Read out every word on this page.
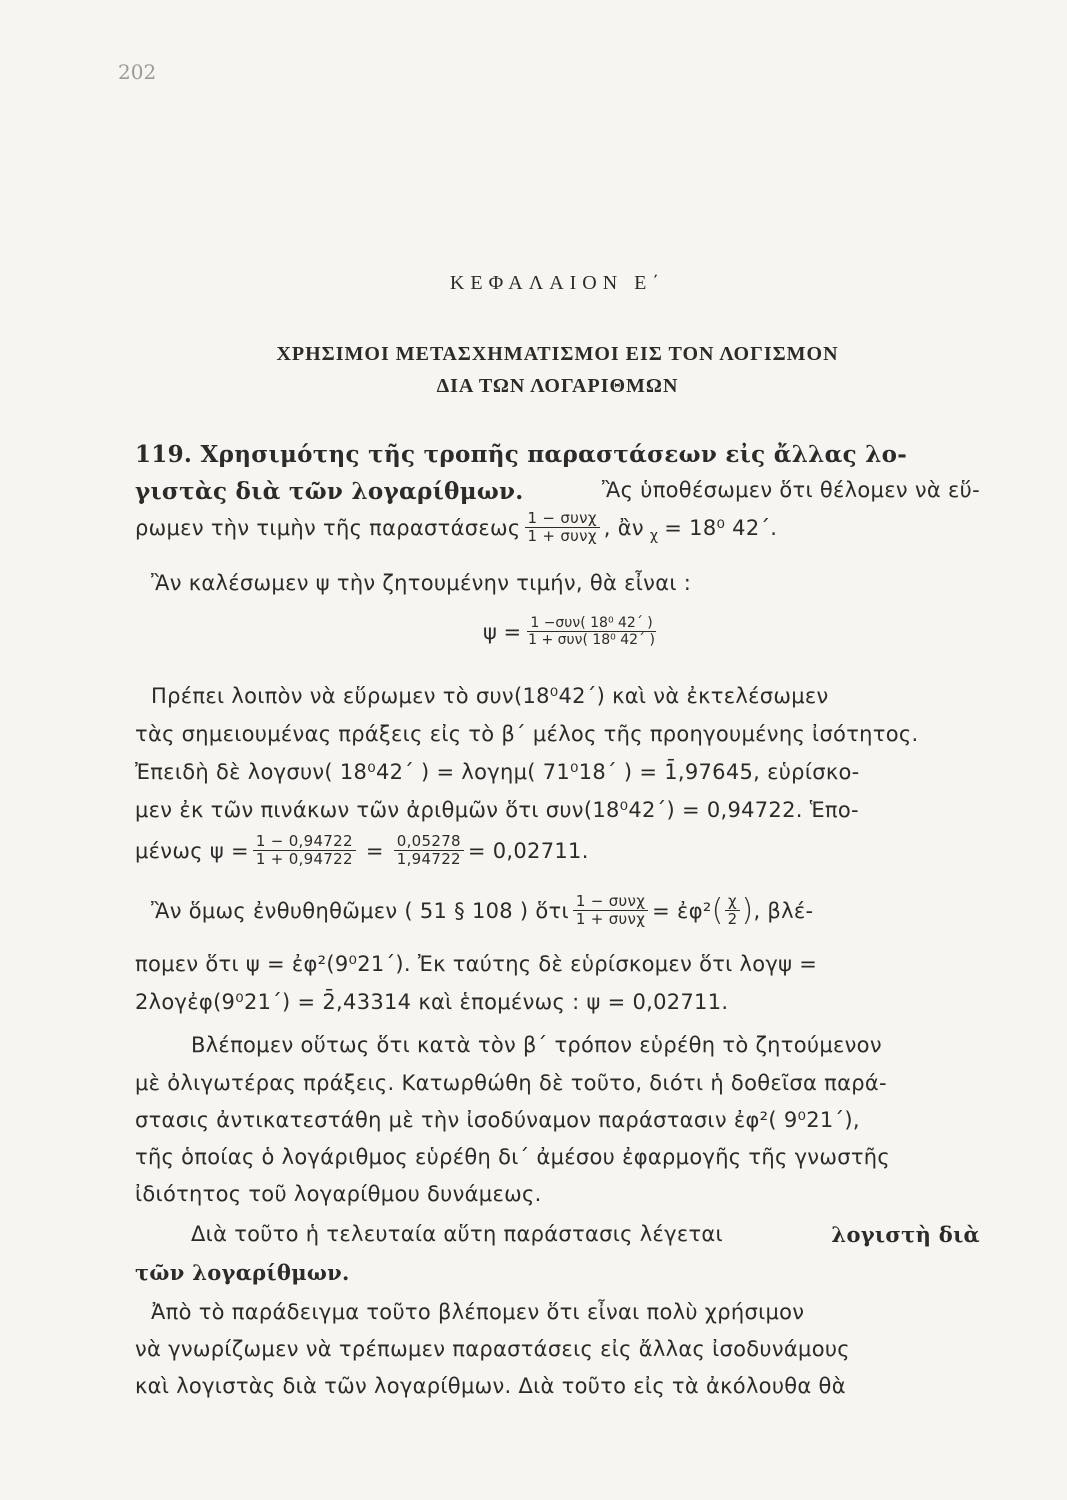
202
ΚΕΦΑΛΑΙΟΝ Ε΄
ΧΡΗΣΙΜΟΙ ΜΕΤΑΣΧΗΜΑΤΙΣΜΟΙ ΕΙΣ ΤΟΝ ΛΟΓΙΣΜΟΝ
ΔΙΑ ΤΩΝ ΛΟΓΑΡΙΘΜΩΝ
119. Χρησιμότης τῆς τροπῆς παραστάσεων εἰς ἄλλας λο-
γιστὰς διὰ τῶν λογαρίθμων.	Ἂς ὑποθέσωμεν ὅτι θέλομεν νὰ εὕ-
ρωμεν τὴν τιμὴν τῆς παραστάσεως $\frac{\text{1 − συνχ}}{\text{1 + συνχ}}$ , ἂν χ = 18⁰ 42΄.
Ἂν καλέσωμεν ψ τὴν ζητουμένην τιμήν, θὰ εἶναι :
$\psi = \frac{\text{1 −συν( 18⁰ 42΄ )}}{\text{1 + συν( 18⁰ 42΄ )}}$
Πρέπει λοιπὸν νὰ εὕρωμεν τὸ συν(18⁰42΄) καὶ νὰ ἐκτελέσωμεν
τὰς σημειουμένας πράξεις εἰς τὸ β΄ μέλος τῆς προηγουμένης ἰσότητος.
Ἐπειδὴ δὲ λογσυν( 18⁰42΄ ) = λογημ( 71⁰18΄ ) = 1̄,97645, εὑρίσκο-
μεν ἐκ τῶν πινάκων τῶν ἀριθμῶν ὅτι συν(18⁰42΄) = 0,94722. Ἑπο-
μένως $\psi = \frac{1 - 0,94722}{1 + 0,94722} = \frac{0,05278}{1,94722} = 0,02711$.
Ἂν ὅμως ἐνθυθηθῶμεν ( 51 § 108 ) ὅτι $\frac{\text{1 − συνχ}}{\text{1 + συνχ}}$ = ἐφ² ( $\frac{\chi}{2}$ ) , βλέ-
πομεν ὅτι ψ = ἐφ²(9⁰21΄). Ἐκ ταύτης δὲ εὑρίσκομεν ὅτι λογψ =
2λογἐφ(9⁰21΄) = 2̄,43314 καὶ ἑπομένως : ψ = 0,02711.
Βλέπομεν οὕτως ὅτι κατὰ τὸν β΄ τρόπον εὑρέθη τὸ ζητούμενον
μὲ ὀλιγωτέρας πράξεις. Κατωρθώθη δὲ τοῦτο, διότι ἡ δοθεῖσα παρά-
στασις ἀντικατεστάθη μὲ τὴν ἰσοδύναμον παράστασιν ἐφ²( 9⁰21΄),
τῆς ὁποίας ὁ λογάριθμος εὑρέθη δι΄ ἀμέσου ἐφαρμογῆς τῆς γνωστῆς
ἰδιότητος τοῦ λογαρίθμου δυνάμεως.
Διὰ τοῦτο ἡ τελευταία αὕτη παράστασις λέγεται	λογιστὴ διὰ
τῶν λογαρίθμων.
Ἀπὸ τὸ παράδειγμα τοῦτο βλέπομεν ὅτι εἶναι πολὺ χρήσιμον
νὰ γνωρίζωμεν νὰ τρέπωμεν παραστάσεις εἰς ἄλλας ἰσοδυνάμους
καὶ λογιστὰς διὰ τῶν λογαρίθμων. Διὰ τοῦτο εἰς τὰ ἀκόλουθα θὰ
